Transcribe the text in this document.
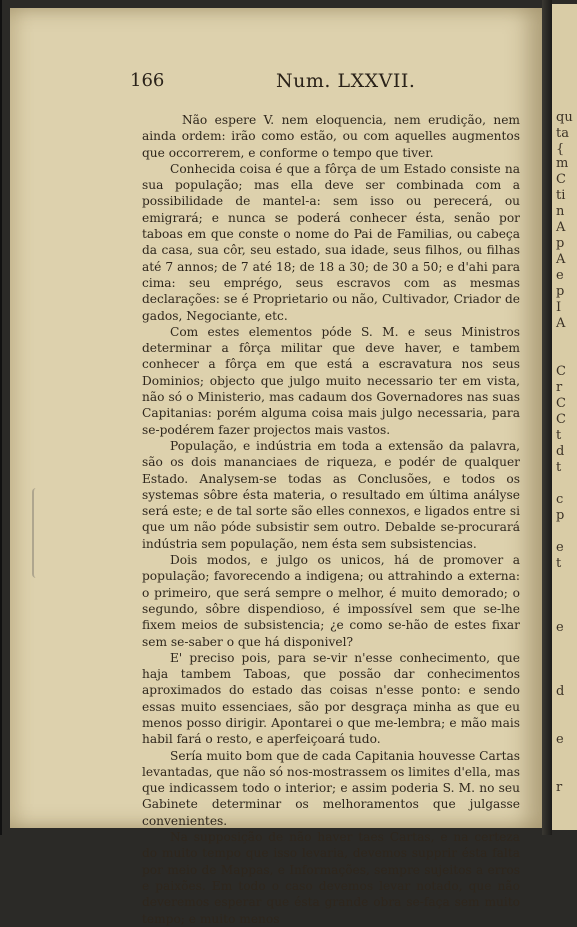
166	Num. LXXVII.

Não espere V. nem eloquencia, nem erudição, nem ainda ordem: irão como estão, ou com aquelles augmentos que occorrerem, e conforme o tempo que tiver.

Conhecida coisa é que a fôrça de um Estado consiste na sua população; mas ella deve ser combinada com a possibilidade de mantel-a: sem isso ou perecerá, ou emigrará; e nunca se poderá conhecer ésta, senão por taboas em que conste o nome do Pai de Familias, ou cabeça da casa, sua côr, seu estado, sua idade, seus filhos, ou filhas até 7 annos; de 7 até 18; de 18 a 30; de 30 a 50; e d'ahi para cima: seu emprégo, seus escravos com as mesmas declarações: se é Proprietario ou não, Cultivador, Criador de gados, Negociante, etc.

Com estes elementos póde S. M. e seus Ministros determinar a fôrça militar que deve haver, e tambem conhecer a fôrça em que está a escravatura nos seus Dominios; objecto que julgo muito necessario ter em vista, não só o Ministerio, mas cadaum dos Governadores nas suas Capitanias: porém alguma coisa mais julgo necessaria, para se-podérem fazer projectos mais vastos.

População, e indústria em toda a extensão da palavra, são os dois mananciaes de riqueza, e podér de qualquer Estado. Analysem-se todas as Conclusões, e todos os systemas sôbre ésta materia, o resultado em última anályse será este; e de tal sorte são elles connexos, e ligados entre si que um não póde subsistir sem outro. Debalde se-procurará indústria sem população, nem ésta sem subsistencias.

Dois modos, e julgo os unicos, há de promover a população; favorecendo a indigena; ou attrahindo a externa: o primeiro, que será sempre o melhor, é muito demorado; o segundo, sôbre dispendioso, é impossível sem que se-lhe fixem meios de subsistencia; ¿e como se-hão de estes fixar sem se-saber o que há disponivel?

E' preciso pois, para se-vir n'esse conhecimento, que haja tambem Taboas, que possão dar conhecimentos aproximados do estado das coisas n'esse ponto: e sendo essas muito essenciaes, são por desgraça minha as que eu menos posso dirigir. Apontarei o que me-lembra; e mão mais habil fará o resto, e aperfeiçoará tudo.

Sería muito bom que de cada Capitania houvesse Cartas levantadas, que não só nos-mostrassem os limites d'ella, mas que indicassem todo o interior; e assim poderia S. M. no seu Gabinete determinar os melhoramentos que julgasse convenientes.

Na supposição de não haver taes Cartas, e na certeza do muito tempo que isso levaria, devemos supprir ésta falta por meio de Mappas, e Informações, sempre sujeitos a erros e paixões. Em todo o caso devemos levar notado, que não deveremos esperar que ésta grande obra se-faça sem muito tempo; e muito menos

qu
ta
{
m
C
ti
n
A
p
A
e
p
I
A
C
r
C
C
t
d
t
c
p
e
t
e
d
e
r
